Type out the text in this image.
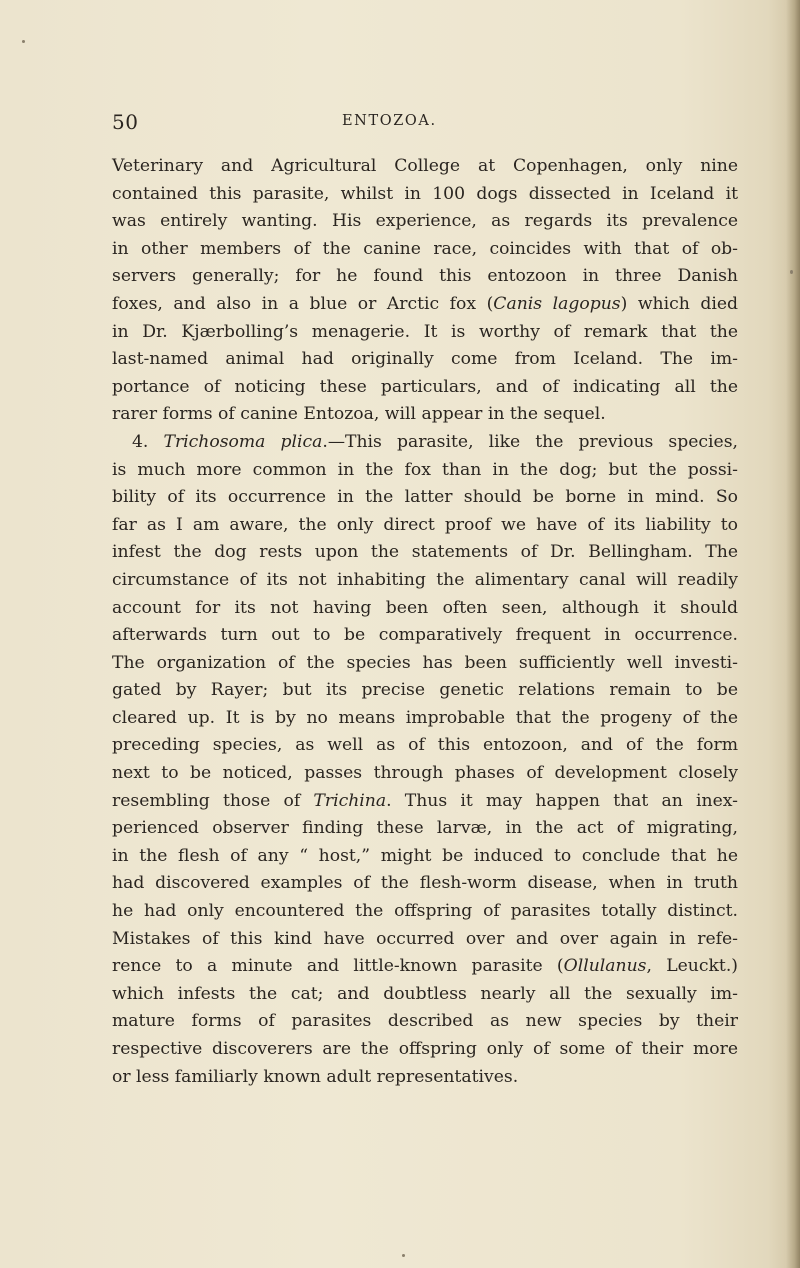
50	ENTOZOA.
Veterinary and Agricultural College at Copenhagen, only nine
contained this parasite, whilst in 100 dogs dissected in Iceland it
was entirely wanting. His experience, as regards its prevalence
in other members of the canine race, coincides with that of ob-
servers generally; for he found this entozoon in three Danish
foxes, and also in a blue or Arctic fox (Canis lagopus) which died
in Dr. Kjærbolling’s menagerie. It is worthy of remark that the
last-named animal had originally come from Iceland. The im-
portance of noticing these particulars, and of indicating all the
rarer forms of canine Entozoa, will appear in the sequel.
4. Trichosoma plica.—This parasite, like the previous species,
is much more common in the fox than in the dog; but the possi-
bility of its occurrence in the latter should be borne in mind. So
far as I am aware, the only direct proof we have of its liability to
infest the dog rests upon the statements of Dr. Bellingham. The
circumstance of its not inhabiting the alimentary canal will readily
account for its not having been often seen, although it should
afterwards turn out to be comparatively frequent in occurrence.
The organization of the species has been sufficiently well investi-
gated by Rayer; but its precise genetic relations remain to be
cleared up. It is by no means improbable that the progeny of the
preceding species, as well as of this entozoon, and of the form
next to be noticed, passes through phases of development closely
resembling those of Trichina. Thus it may happen that an inex-
perienced observer finding these larvæ, in the act of migrating,
in the flesh of any “ host,” might be induced to conclude that he
had discovered examples of the flesh-worm disease, when in truth
he had only encountered the offspring of parasites totally distinct.
Mistakes of this kind have occurred over and over again in refe-
rence to a minute and little-known parasite (Ollulanus, Leuckt.)
which infests the cat; and doubtless nearly all the sexually im-
mature forms of parasites described as new species by their
respective discoverers are the offspring only of some of their more
or less familiarly known adult representatives.
